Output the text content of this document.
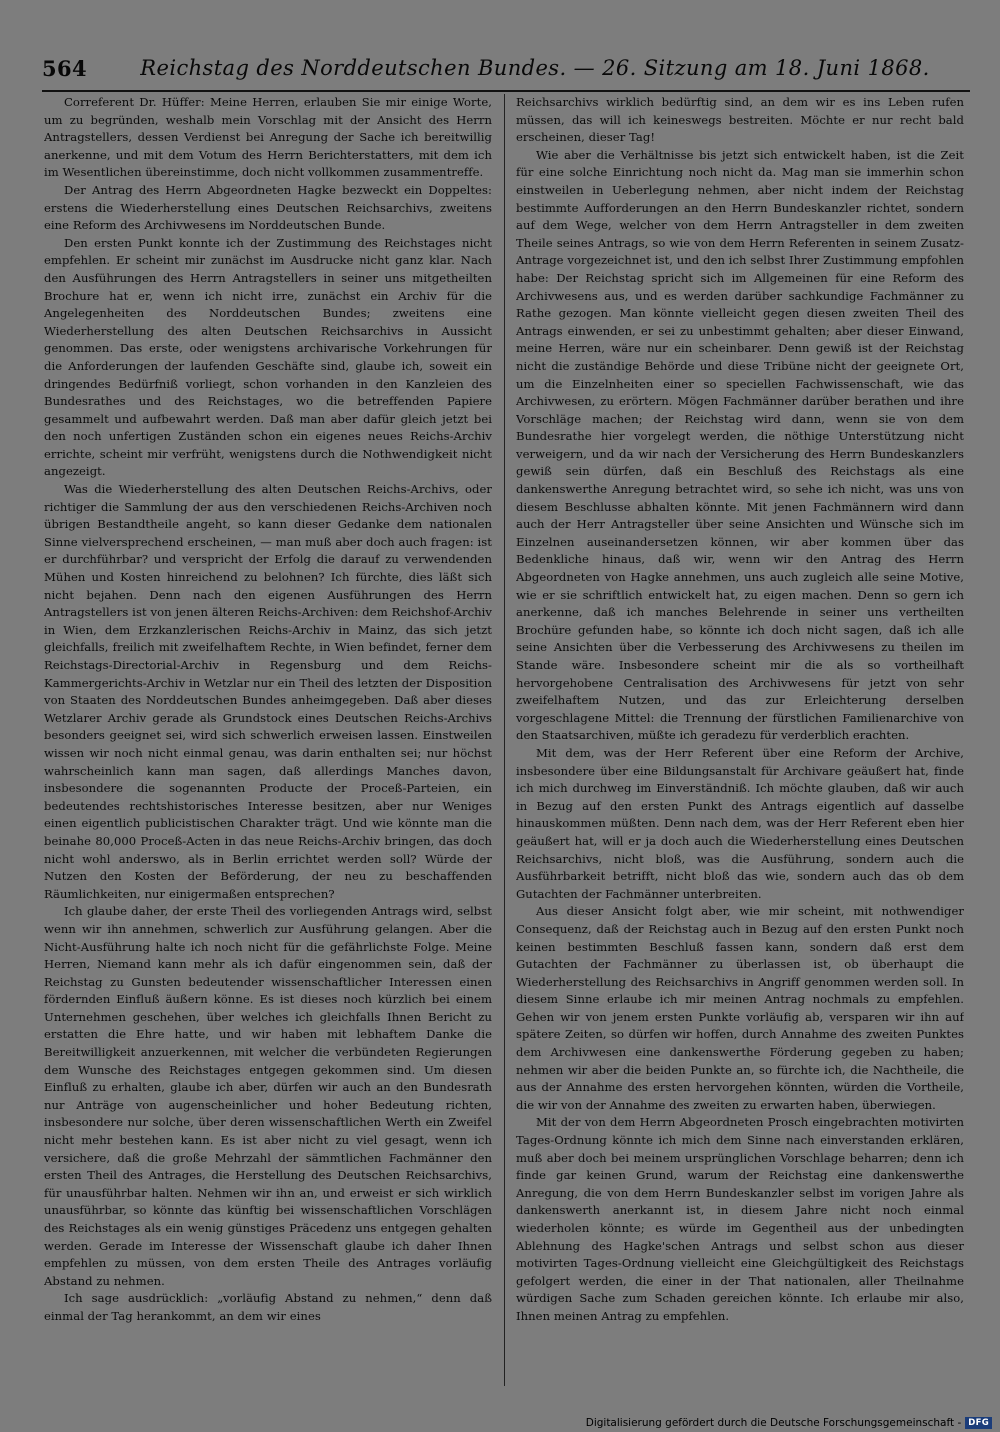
564	Reichstag des Norddeutschen Bundes. — 26. Sitzung am 18. Juni 1868.

Correferent Dr. Hüffer: Meine Herren, erlauben Sie mir einige Worte, um zu begründen, weshalb mein Vorschlag mit der Ansicht des Herrn Antragstellers, dessen Verdienst bei Anregung der Sache ich bereitwillig anerkenne, und mit dem Votum des Herrn Berichterstatters, mit dem ich im Wesentlichen übereinstimme, doch nicht vollkommen zusammentreffe.

Der Antrag des Herrn Abgeordneten Hagke bezweckt ein Doppeltes: erstens die Wiederherstellung eines Deutschen Reichsarchivs, zweitens eine Reform des Archivwesens im Norddeutschen Bunde.

Den ersten Punkt konnte ich der Zustimmung des Reichstages nicht empfehlen. Er scheint mir zunächst im Ausdrucke nicht ganz klar. Nach den Ausführungen des Herrn Antragstellers in seiner uns mitgetheilten Brochure hat er, wenn ich nicht irre, zunächst ein Archiv für die Angelegenheiten des Norddeutschen Bundes; zweitens eine Wiederherstellung des alten Deutschen Reichsarchivs in Aussicht genommen. Das erste, oder wenigstens archivarische Vorkehrungen für die Anforderungen der laufenden Geschäfte sind, glaube ich, soweit ein dringendes Bedürfniß vorliegt, schon vorhanden in den Kanzleien des Bundesrathes und des Reichstages, wo die betreffenden Papiere gesammelt und aufbewahrt werden. Daß man aber dafür gleich jetzt bei den noch unfertigen Zuständen schon ein eigenes neues Reichs-Archiv errichte, scheint mir verfrüht, wenigstens durch die Nothwendigkeit nicht angezeigt.

Was die Wiederherstellung des alten Deutschen Reichs-Archivs, oder richtiger die Sammlung der aus den verschiedenen Reichs-Archiven noch übrigen Bestandtheile angeht, so kann dieser Gedanke dem nationalen Sinne vielversprechend erscheinen, — man muß aber doch auch fragen: ist er durchführbar? und verspricht der Erfolg die darauf zu verwendenden Mühen und Kosten hinreichend zu belohnen? Ich fürchte, dies läßt sich nicht bejahen. Denn nach den eigenen Ausführungen des Herrn Antragstellers ist von jenen älteren Reichs-Archiven: dem Reichshof-Archiv in Wien, dem Erzkanzlerischen Reichs-Archiv in Mainz, das sich jetzt gleichfalls, freilich mit zweifelhaftem Rechte, in Wien befindet, ferner dem Reichstags-Directorial-Archiv in Regensburg und dem Reichs-Kammergerichts-Archiv in Wetzlar nur ein Theil des letzten der Disposition von Staaten des Norddeutschen Bundes anheimgegeben. Daß aber dieses Wetzlarer Archiv gerade als Grundstock eines Deutschen Reichs-Archivs besonders geeignet sei, wird sich schwerlich erweisen lassen. Einstweilen wissen wir noch nicht einmal genau, was darin enthalten sei; nur höchst wahrscheinlich kann man sagen, daß allerdings Manches davon, insbesondere die sogenannten Producte der Proceß-Parteien, ein bedeutendes rechtshistorisches Interesse besitzen, aber nur Weniges einen eigentlich publicistischen Charakter trägt. Und wie könnte man die beinahe 80,000 Proceß-Acten in das neue Reichs-Archiv bringen, das doch nicht wohl anderswo, als in Berlin errichtet werden soll? Würde der Nutzen den Kosten der Beförderung, der neu zu beschaffenden Räumlichkeiten, nur einigermaßen entsprechen?

Ich glaube daher, der erste Theil des vorliegenden Antrags wird, selbst wenn wir ihn annehmen, schwerlich zur Ausführung gelangen. Aber die Nicht-Ausführung halte ich noch nicht für die gefährlichste Folge. Meine Herren, Niemand kann mehr als ich dafür eingenommen sein, daß der Reichstag zu Gunsten bedeutender wissenschaftlicher Interessen einen fördernden Einfluß äußern könne. Es ist dieses noch kürzlich bei einem Unternehmen geschehen, über welches ich gleichfalls Ihnen Bericht zu erstatten die Ehre hatte, und wir haben mit lebhaftem Danke die Bereitwilligkeit anzuerkennen, mit welcher die verbündeten Regierungen dem Wunsche des Reichstages entgegen gekommen sind. Um diesen Einfluß zu erhalten, glaube ich aber, dürfen wir auch an den Bundesrath nur Anträge von augenscheinlicher und hoher Bedeutung richten, insbesondere nur solche, über deren wissenschaftlichen Werth ein Zweifel nicht mehr bestehen kann. Es ist aber nicht zu viel gesagt, wenn ich versichere, daß die große Mehrzahl der sämmtlichen Fachmänner den ersten Theil des Antrages, die Herstellung des Deutschen Reichsarchivs, für unausführbar halten. Nehmen wir ihn an, und erweist er sich wirklich unausführbar, so könnte das künftig bei wissenschaftlichen Vorschlägen des Reichstages als ein wenig günstiges Präcedenz uns entgegen gehalten werden. Gerade im Interesse der Wissenschaft glaube ich daher Ihnen empfehlen zu müssen, von dem ersten Theile des Antrages vorläufig Abstand zu nehmen.

Ich sage ausdrücklich: „vorläufig Abstand zu nehmen,“ denn daß einmal der Tag herankommt, an dem wir eines

Reichsarchivs wirklich bedürftig sind, an dem wir es ins Leben rufen müssen, das will ich keineswegs bestreiten. Möchte er nur recht bald erscheinen, dieser Tag!

Wie aber die Verhältnisse bis jetzt sich entwickelt haben, ist die Zeit für eine solche Einrichtung noch nicht da. Mag man sie immerhin schon einstweilen in Ueberlegung nehmen, aber nicht indem der Reichstag bestimmte Aufforderungen an den Herrn Bundeskanzler richtet, sondern auf dem Wege, welcher von dem Herrn Antragsteller in dem zweiten Theile seines Antrags, so wie von dem Herrn Referenten in seinem Zusatz-Antrage vorgezeichnet ist, und den ich selbst Ihrer Zustimmung empfohlen habe: Der Reichstag spricht sich im Allgemeinen für eine Reform des Archivwesens aus, und es werden darüber sachkundige Fachmänner zu Rathe gezogen. Man könnte vielleicht gegen diesen zweiten Theil des Antrags einwenden, er sei zu unbestimmt gehalten; aber dieser Einwand, meine Herren, wäre nur ein scheinbarer. Denn gewiß ist der Reichstag nicht die zuständige Behörde und diese Tribüne nicht der geeignete Ort, um die Einzelnheiten einer so speciellen Fachwissenschaft, wie das Archivwesen, zu erörtern. Mögen Fachmänner darüber berathen und ihre Vorschläge machen; der Reichstag wird dann, wenn sie von dem Bundesrathe hier vorgelegt werden, die nöthige Unterstützung nicht verweigern, und da wir nach der Versicherung des Herrn Bundeskanzlers gewiß sein dürfen, daß ein Beschluß des Reichstags als eine dankenswerthe Anregung betrachtet wird, so sehe ich nicht, was uns von diesem Beschlusse abhalten könnte. Mit jenen Fachmännern wird dann auch der Herr Antragsteller über seine Ansichten und Wünsche sich im Einzelnen auseinandersetzen können, wir aber kommen über das Bedenkliche hinaus, daß wir, wenn wir den Antrag des Herrn Abgeordneten von Hagke annehmen, uns auch zugleich alle seine Motive, wie er sie schriftlich entwickelt hat, zu eigen machen. Denn so gern ich anerkenne, daß ich manches Belehrende in seiner uns vertheilten Brochüre gefunden habe, so könnte ich doch nicht sagen, daß ich alle seine Ansichten über die Verbesserung des Archivwesens zu theilen im Stande wäre. Insbesondere scheint mir die als so vortheilhaft hervorgehobene Centralisation des Archivwesens für jetzt von sehr zweifelhaftem Nutzen, und das zur Erleichterung derselben vorgeschlagene Mittel: die Trennung der fürstlichen Familienarchive von den Staatsarchiven, müßte ich geradezu für verderblich erachten.

Mit dem, was der Herr Referent über eine Reform der Archive, insbesondere über eine Bildungsanstalt für Archivare geäußert hat, finde ich mich durchweg im Einverständniß. Ich möchte glauben, daß wir auch in Bezug auf den ersten Punkt des Antrags eigentlich auf dasselbe hinauskommen müßten. Denn nach dem, was der Herr Referent eben hier geäußert hat, will er ja doch auch die Wiederherstellung eines Deutschen Reichsarchivs, nicht bloß, was die Ausführung, sondern auch die Ausführbarkeit betrifft, nicht bloß das wie, sondern auch das ob dem Gutachten der Fachmänner unterbreiten.

Aus dieser Ansicht folgt aber, wie mir scheint, mit nothwendiger Consequenz, daß der Reichstag auch in Bezug auf den ersten Punkt noch keinen bestimmten Beschluß fassen kann, sondern daß erst dem Gutachten der Fachmänner zu überlassen ist, ob überhaupt die Wiederherstellung des Reichsarchivs in Angriff genommen werden soll. In diesem Sinne erlaube ich mir meinen Antrag nochmals zu empfehlen. Gehen wir von jenem ersten Punkte vorläufig ab, versparen wir ihn auf spätere Zeiten, so dürfen wir hoffen, durch Annahme des zweiten Punktes dem Archivwesen eine dankenswerthe Förderung gegeben zu haben; nehmen wir aber die beiden Punkte an, so fürchte ich, die Nachtheile, die aus der Annahme des ersten hervorgehen könnten, würden die Vortheile, die wir von der Annahme des zweiten zu erwarten haben, überwiegen.

Mit der von dem Herrn Abgeordneten Prosch eingebrachten motivirten Tages-Ordnung könnte ich mich dem Sinne nach einverstanden erklären, muß aber doch bei meinem ursprünglichen Vorschlage beharren; denn ich finde gar keinen Grund, warum der Reichstag eine dankenswerthe Anregung, die von dem Herrn Bundeskanzler selbst im vorigen Jahre als dankenswerth anerkannt ist, in diesem Jahre nicht noch einmal wiederholen könnte; es würde im Gegentheil aus der unbedingten Ablehnung des Hagke'schen Antrags und selbst schon aus dieser motivirten Tages-Ordnung vielleicht eine Gleichgültigkeit des Reichstags gefolgert werden, die einer in der That nationalen, aller Theilnahme würdigen Sache zum Schaden gereichen könnte. Ich erlaube mir also, Ihnen meinen Antrag zu empfehlen.

Digitalisierung gefördert durch die Deutsche Forschungsgemeinschaft - DFG
